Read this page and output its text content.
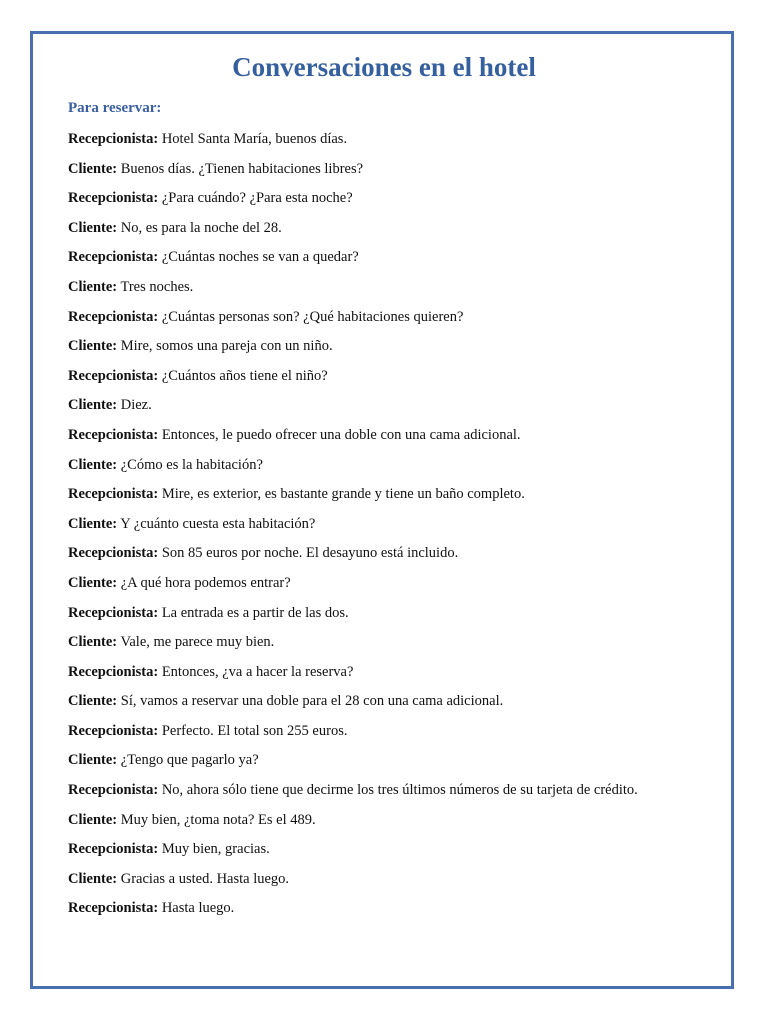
Conversaciones en el hotel
Para reservar:
Recepcionista: Hotel Santa María, buenos días.
Cliente: Buenos días. ¿Tienen habitaciones libres?
Recepcionista: ¿Para cuándo? ¿Para esta noche?
Cliente: No, es para la noche del 28.
Recepcionista: ¿Cuántas noches se van a quedar?
Cliente: Tres noches.
Recepcionista: ¿Cuántas personas son? ¿Qué habitaciones quieren?
Cliente: Mire, somos una pareja con un niño.
Recepcionista: ¿Cuántos años tiene el niño?
Cliente: Diez.
Recepcionista: Entonces, le puedo ofrecer una doble con una cama adicional.
Cliente: ¿Cómo es la habitación?
Recepcionista: Mire, es exterior, es bastante grande y tiene un baño completo.
Cliente: Y ¿cuánto cuesta esta habitación?
Recepcionista: Son 85 euros por noche. El desayuno está incluido.
Cliente: ¿A qué hora podemos entrar?
Recepcionista: La entrada es a partir de las dos.
Cliente: Vale, me parece muy bien.
Recepcionista: Entonces, ¿va a hacer la reserva?
Cliente: Sí, vamos a reservar una doble para el 28 con una cama adicional.
Recepcionista: Perfecto. El total son 255 euros.
Cliente: ¿Tengo que pagarlo ya?
Recepcionista: No, ahora sólo tiene que decirme los tres últimos números de su tarjeta de crédito.
Cliente: Muy bien, ¿toma nota? Es el 489.
Recepcionista: Muy bien, gracias.
Cliente: Gracias a usted. Hasta luego.
Recepcionista: Hasta luego.
